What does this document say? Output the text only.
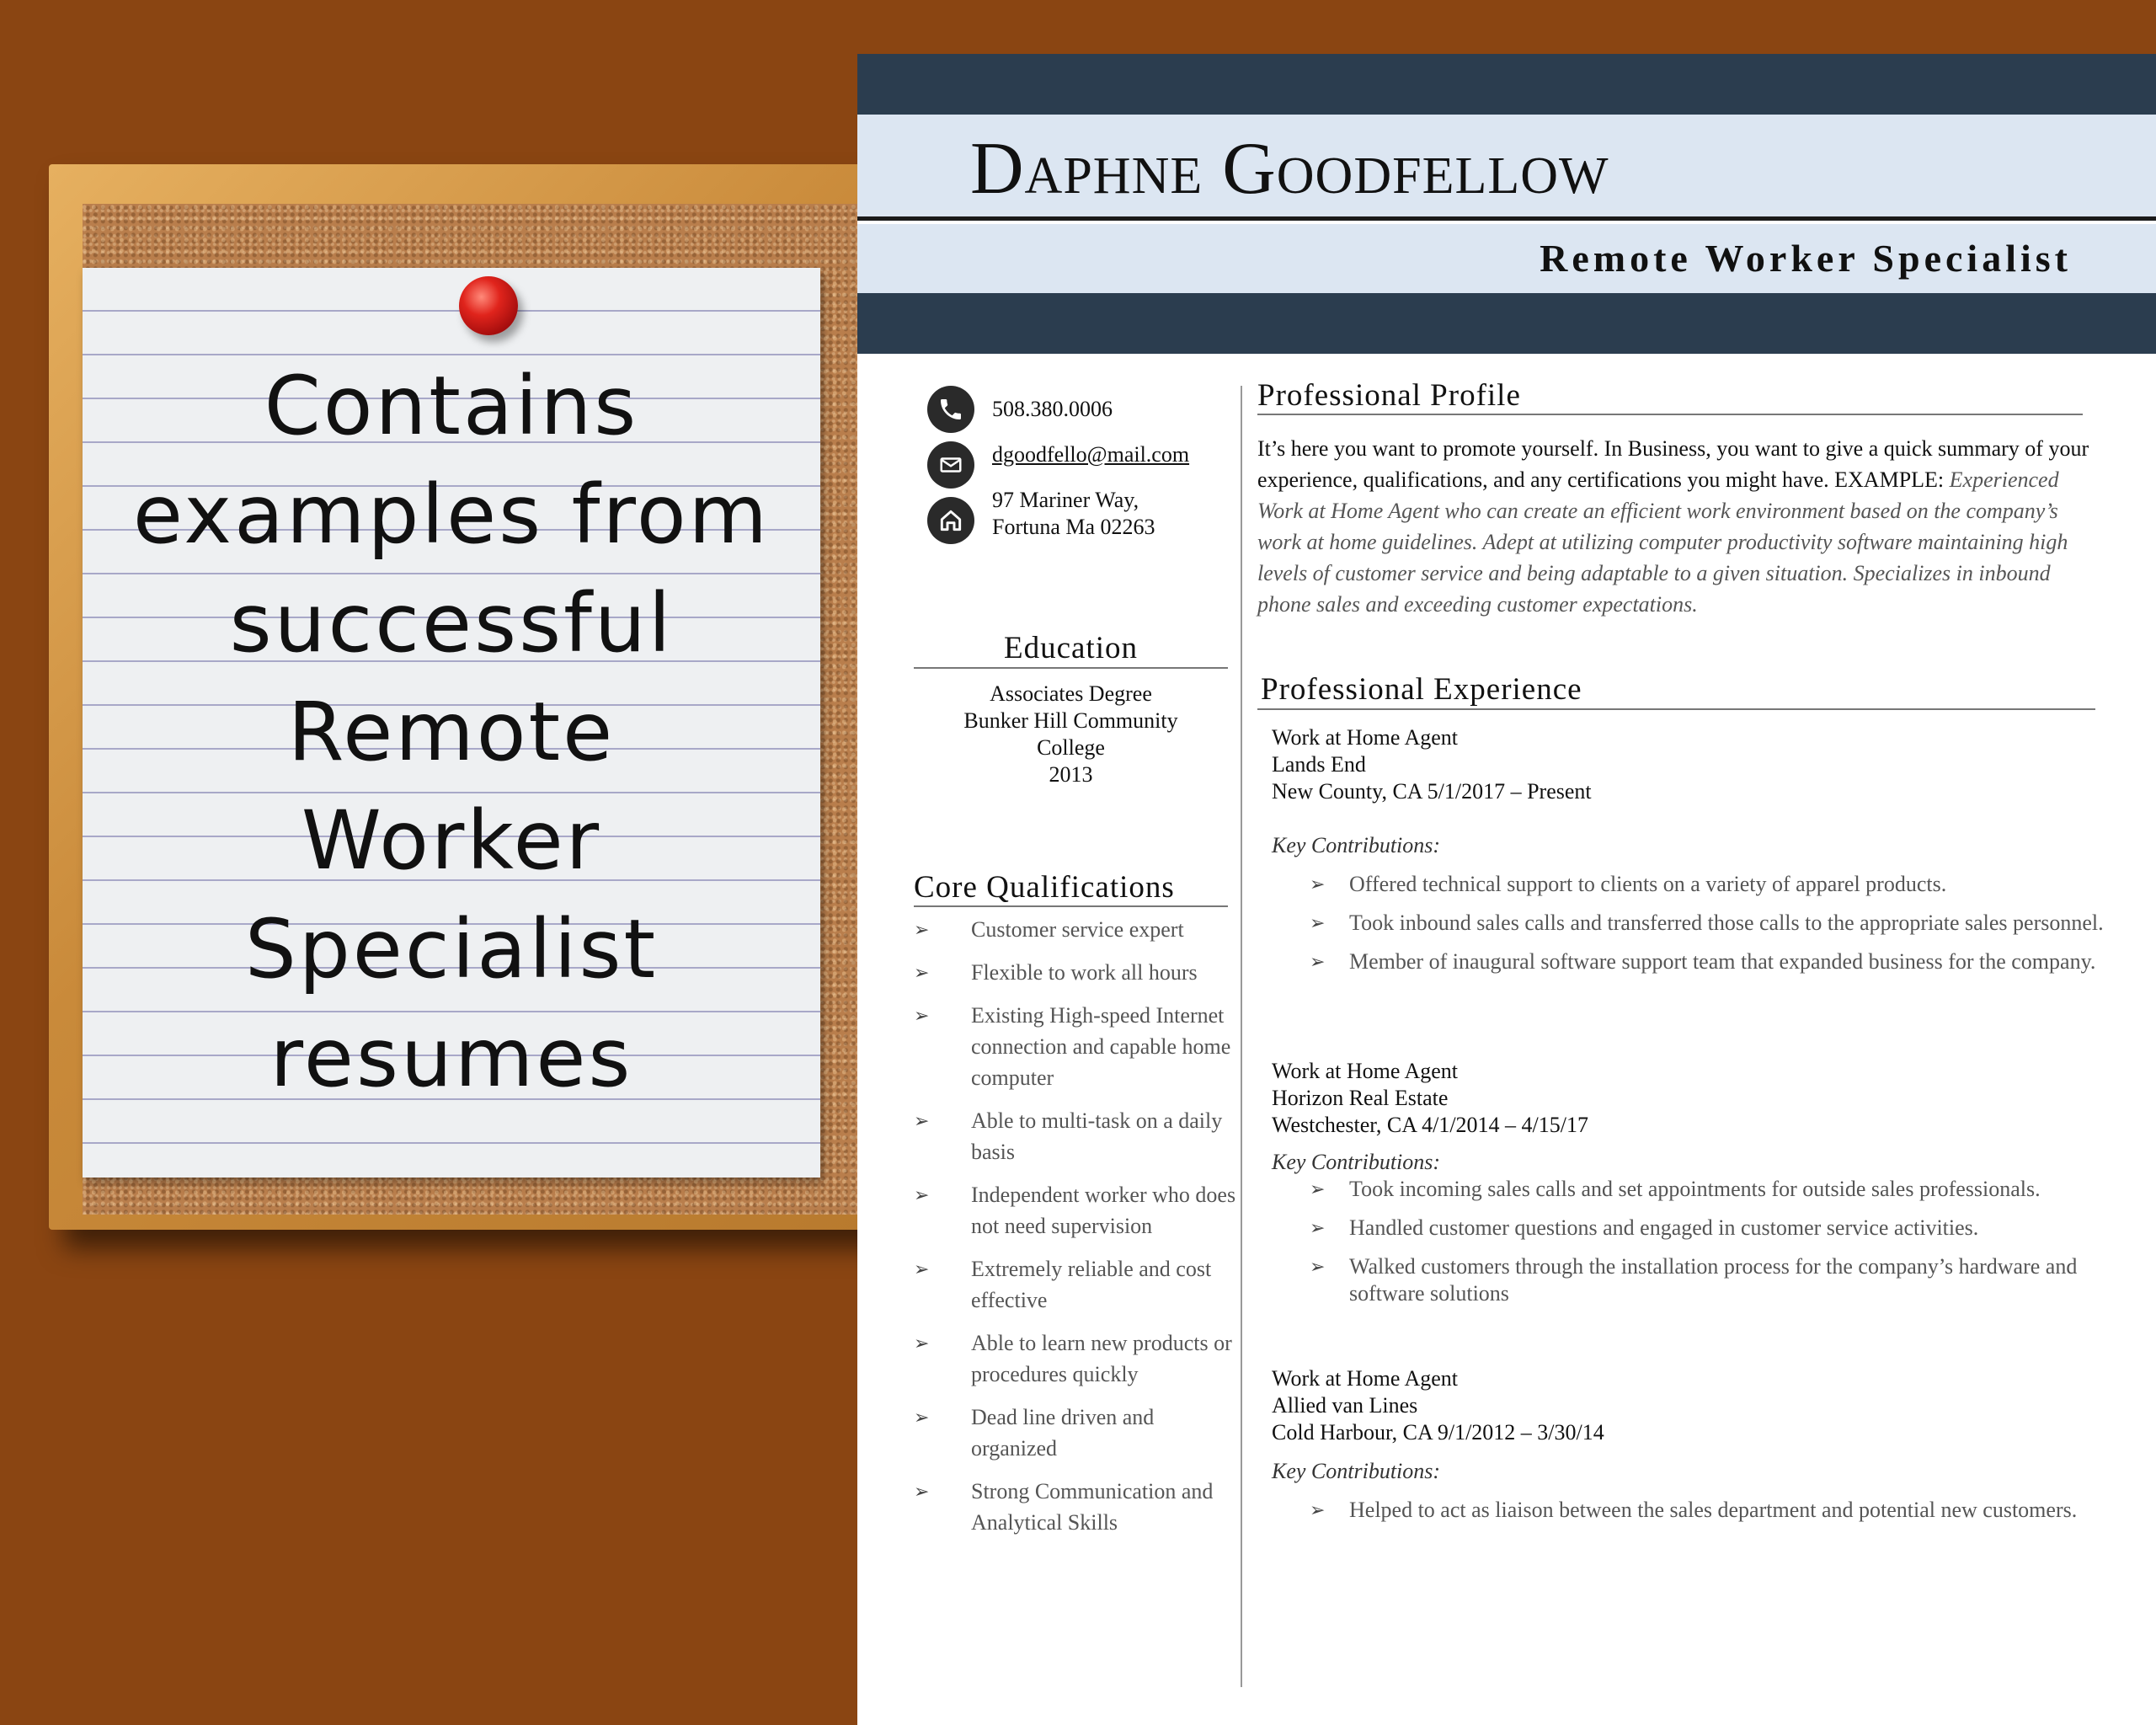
Contains
examples from
successful
Remote
Worker
Specialist
resumes

Daphne Goodfellow
Remote Worker Specialist
508.380.0006
dgoodfello@mail.com
97 Mariner Way,
Fortuna Ma 02263
Education
Associates Degree
Bunker Hill Community
College
2013
Core Qualifications
➢ Customer service expert
➢ Flexible to work all hours
➢ Existing High-speed Internet connection and capable home computer
➢ Able to multi-task on a daily basis
➢ Independent worker who does not need supervision
➢ Extremely reliable and cost effective
➢ Able to learn new products or procedures quickly
➢ Dead line driven and organized
➢ Strong Communication and Analytical Skills
Professional Profile

It’s here you want to promote yourself. In Business, you want to give a quick summary of your experience, qualifications, and any certifications you might have. EXAMPLE: Experienced Work at Home Agent who can create an efficient work environment based on the company’s work at home guidelines. Adept at utilizing computer productivity software maintaining high levels of customer service and being adaptable to a given situation. Specializes in inbound phone sales and exceeding customer expectations.

Professional Experience
Work at Home Agent
Lands End
New County, CA 5/1/2017 – Present
Key Contributions:
➢ Offered technical support to clients on a variety of apparel products.
➢ Took inbound sales calls and transferred those calls to the appropriate sales personnel.
➢ Member of inaugural software support team that expanded business for the company.
Work at Home Agent
Horizon Real Estate
Westchester, CA 4/1/2014 – 4/15/17
Key Contributions:
➢ Took incoming sales calls and set appointments for outside sales professionals.
➢ Handled customer questions and engaged in customer service activities.
➢ Walked customers through the installation process for the company’s hardware and software solutions
Work at Home Agent
Allied van Lines
Cold Harbour, CA 9/1/2012 – 3/30/14
Key Contributions:
➢ Helped to act as liaison between the sales department and potential new customers.
